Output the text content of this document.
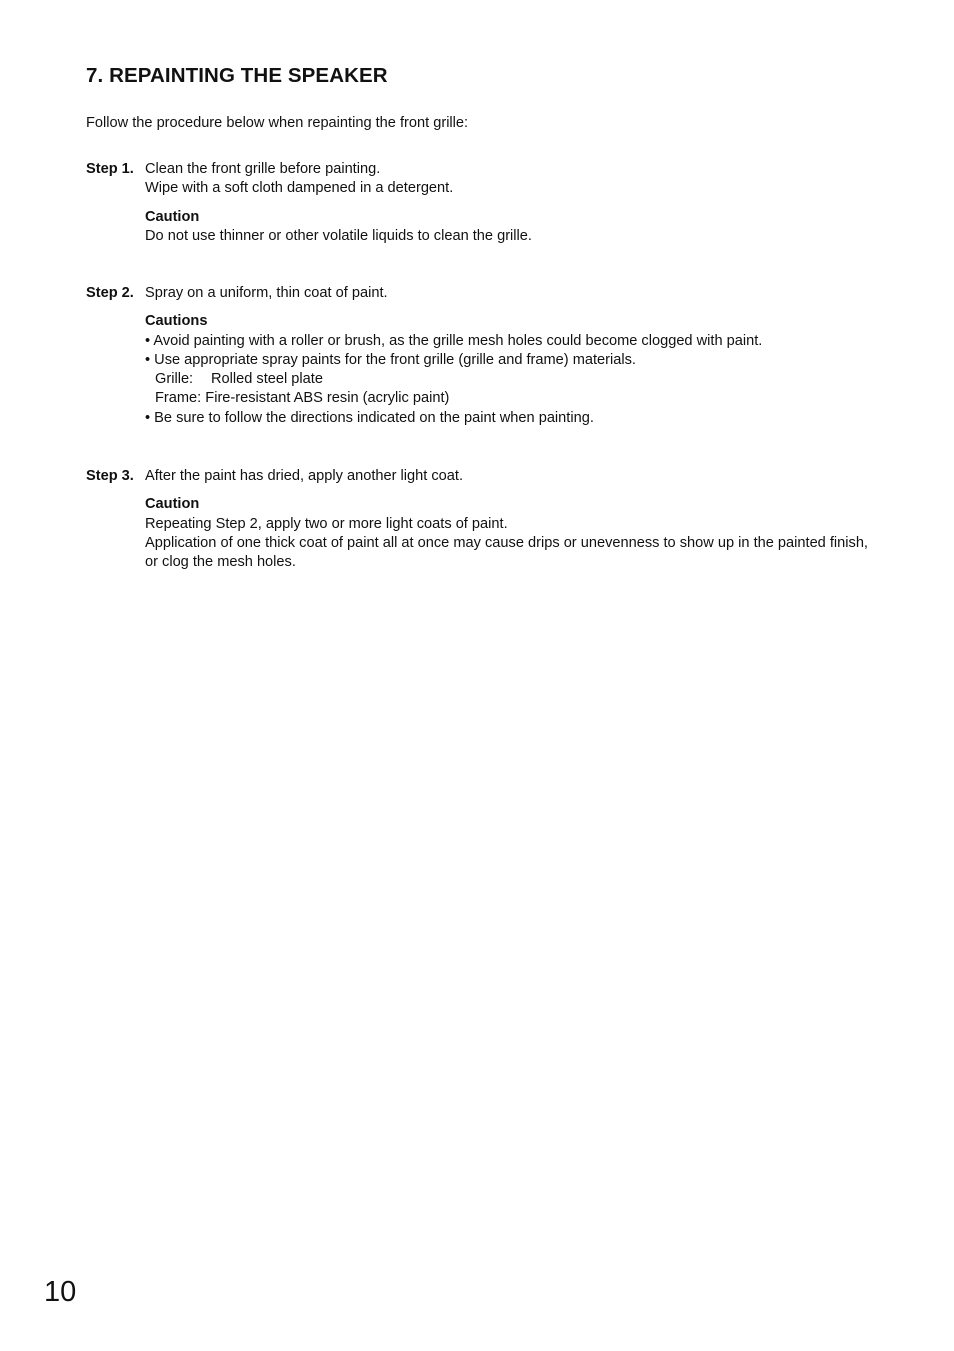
7. REPAINTING THE SPEAKER
Follow the procedure below when repainting the front grille:
Step 1. Clean the front grille before painting.
Wipe with a soft cloth dampened in a detergent.
Caution
Do not use thinner or other volatile liquids to clean the grille.
Step 2. Spray on a uniform, thin coat of paint.
Cautions
• Avoid painting with a roller or brush, as the grille mesh holes could become clogged with paint.
• Use appropriate spray paints for the front grille (grille and frame) materials.
Grille: Rolled steel plate
Frame: Fire-resistant ABS resin (acrylic paint)
• Be sure to follow the directions indicated on the paint when painting.
Step 3. After the paint has dried, apply another light coat.
Caution
Repeating Step 2, apply two or more light coats of paint.
Application of one thick coat of paint all at once may cause drips or unevenness to show up in the painted finish, or clog the mesh holes.
10
